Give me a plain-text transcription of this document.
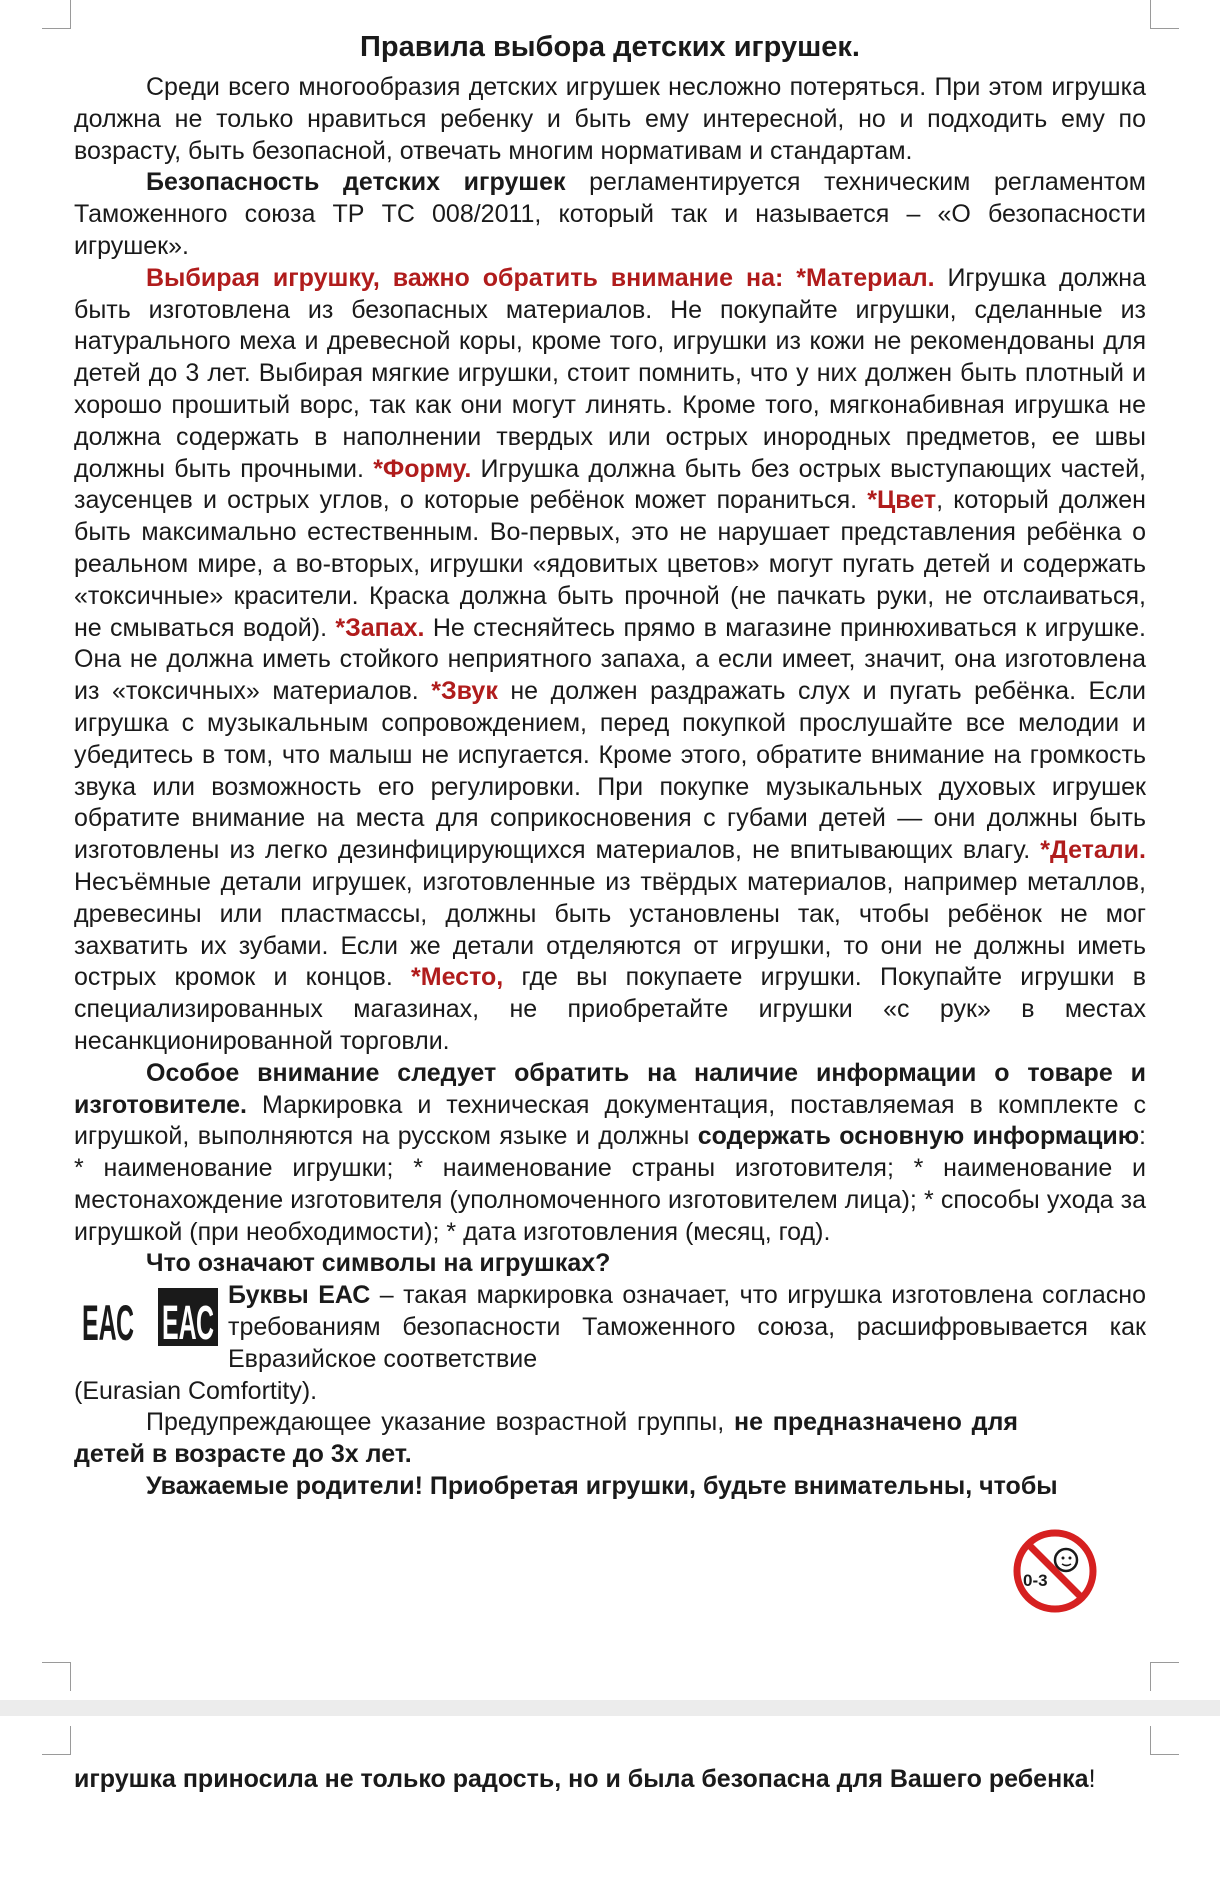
Правила выбора детских игрушек.

Среди всего многообразия детских игрушек несложно потеряться. При этом игрушка должна не только нравиться ребенку и быть ему интересной, но и подходить ему по возрасту, быть безопасной, отвечать многим нормативам и стандартам.

Безопасность детских игрушек регламентируется техническим регламентом Таможенного союза ТР ТС 008/2011, который так и называется – «О безопасности игрушек».

Выбирая игрушку, важно обратить внимание на: *Материал. Игрушка должна быть изготовлена из безопасных материалов. Не покупайте игрушки, сделанные из натурального меха и древесной коры, кроме того, игрушки из кожи не рекомендованы для детей до 3 лет. Выбирая мягкие игрушки, стоит помнить, что у них должен быть плотный и хорошо прошитый ворс, так как они могут линять. Кроме того, мягконабивная игрушка не должна содержать в наполнении твердых или острых инородных предметов, ее швы должны быть прочными. *Форму. Игрушка должна быть без острых выступающих частей, заусенцев и острых углов, о которые ребёнок может пораниться. *Цвет, который должен быть максимально естественным. Во-первых, это не нарушает представления ребёнка о реальном мире, а во-вторых, игрушки «ядовитых цветов» могут пугать детей и содержать «токсичные» красители. Краска должна быть прочной (не пачкать руки, не отслаиваться, не смываться водой). *Запах. Не стесняйтесь прямо в магазине принюхиваться к игрушке. Она не должна иметь стойкого неприятного запаха, а если имеет, значит, она изготовлена из «токсичных» материалов. *Звук не должен раздражать слух и пугать ребёнка. Если игрушка с музыкальным сопровождением, перед покупкой прослушайте все мелодии и убедитесь в том, что малыш не испугается. Кроме этого, обратите внимание на громкость звука или возможность его регулировки. При покупке музыкальных духовых игрушек обратите внимание на места для соприкосновения с губами детей — они должны быть изготовлены из легко дезинфицирующихся материалов, не впитывающих влагу. *Детали. Несъёмные детали игрушек, изготовленные из твёрдых материалов, например металлов, древесины или пластмассы, должны быть установлены так, чтобы ребёнок не мог захватить их зубами. Если же детали отделяются от игрушки, то они не должны иметь острых кромок и концов. *Место, где вы покупаете игрушки. Покупайте игрушки в специализированных магазинах, не приобретайте игрушки «с рук» в местах несанкционированной торговли.

Особое внимание следует обратить на наличие информации о товаре и изготовителе. Маркировка и техническая документация, поставляемая в комплекте с игрушкой, выполняются на русском языке и должны содержать основную информацию: * наименование игрушки; * наименование страны изготовителя; * наименование и местонахождение изготовителя (уполномоченного изготовителем лица); * способы ухода за игрушкой (при необходимости); * дата изготовления (месяц, год).

Что означают символы на игрушках?

ЕАС ЕАС
Буквы ЕАС – такая маркировка означает, что игрушка изготовлена согласно требованиям безопасности Таможенного союза, расшифровывается как Евразийское соответствие
(Eurasian Comfortity).

Предупреждающее указание возрастной группы, не предназначено для детей в возрасте до 3х лет.

Уважаемые родители! Приобретая игрушки, будьте внимательны, чтобы

0-3
игрушка приносила не только радость, но и была безопасна для Вашего ребенка!
